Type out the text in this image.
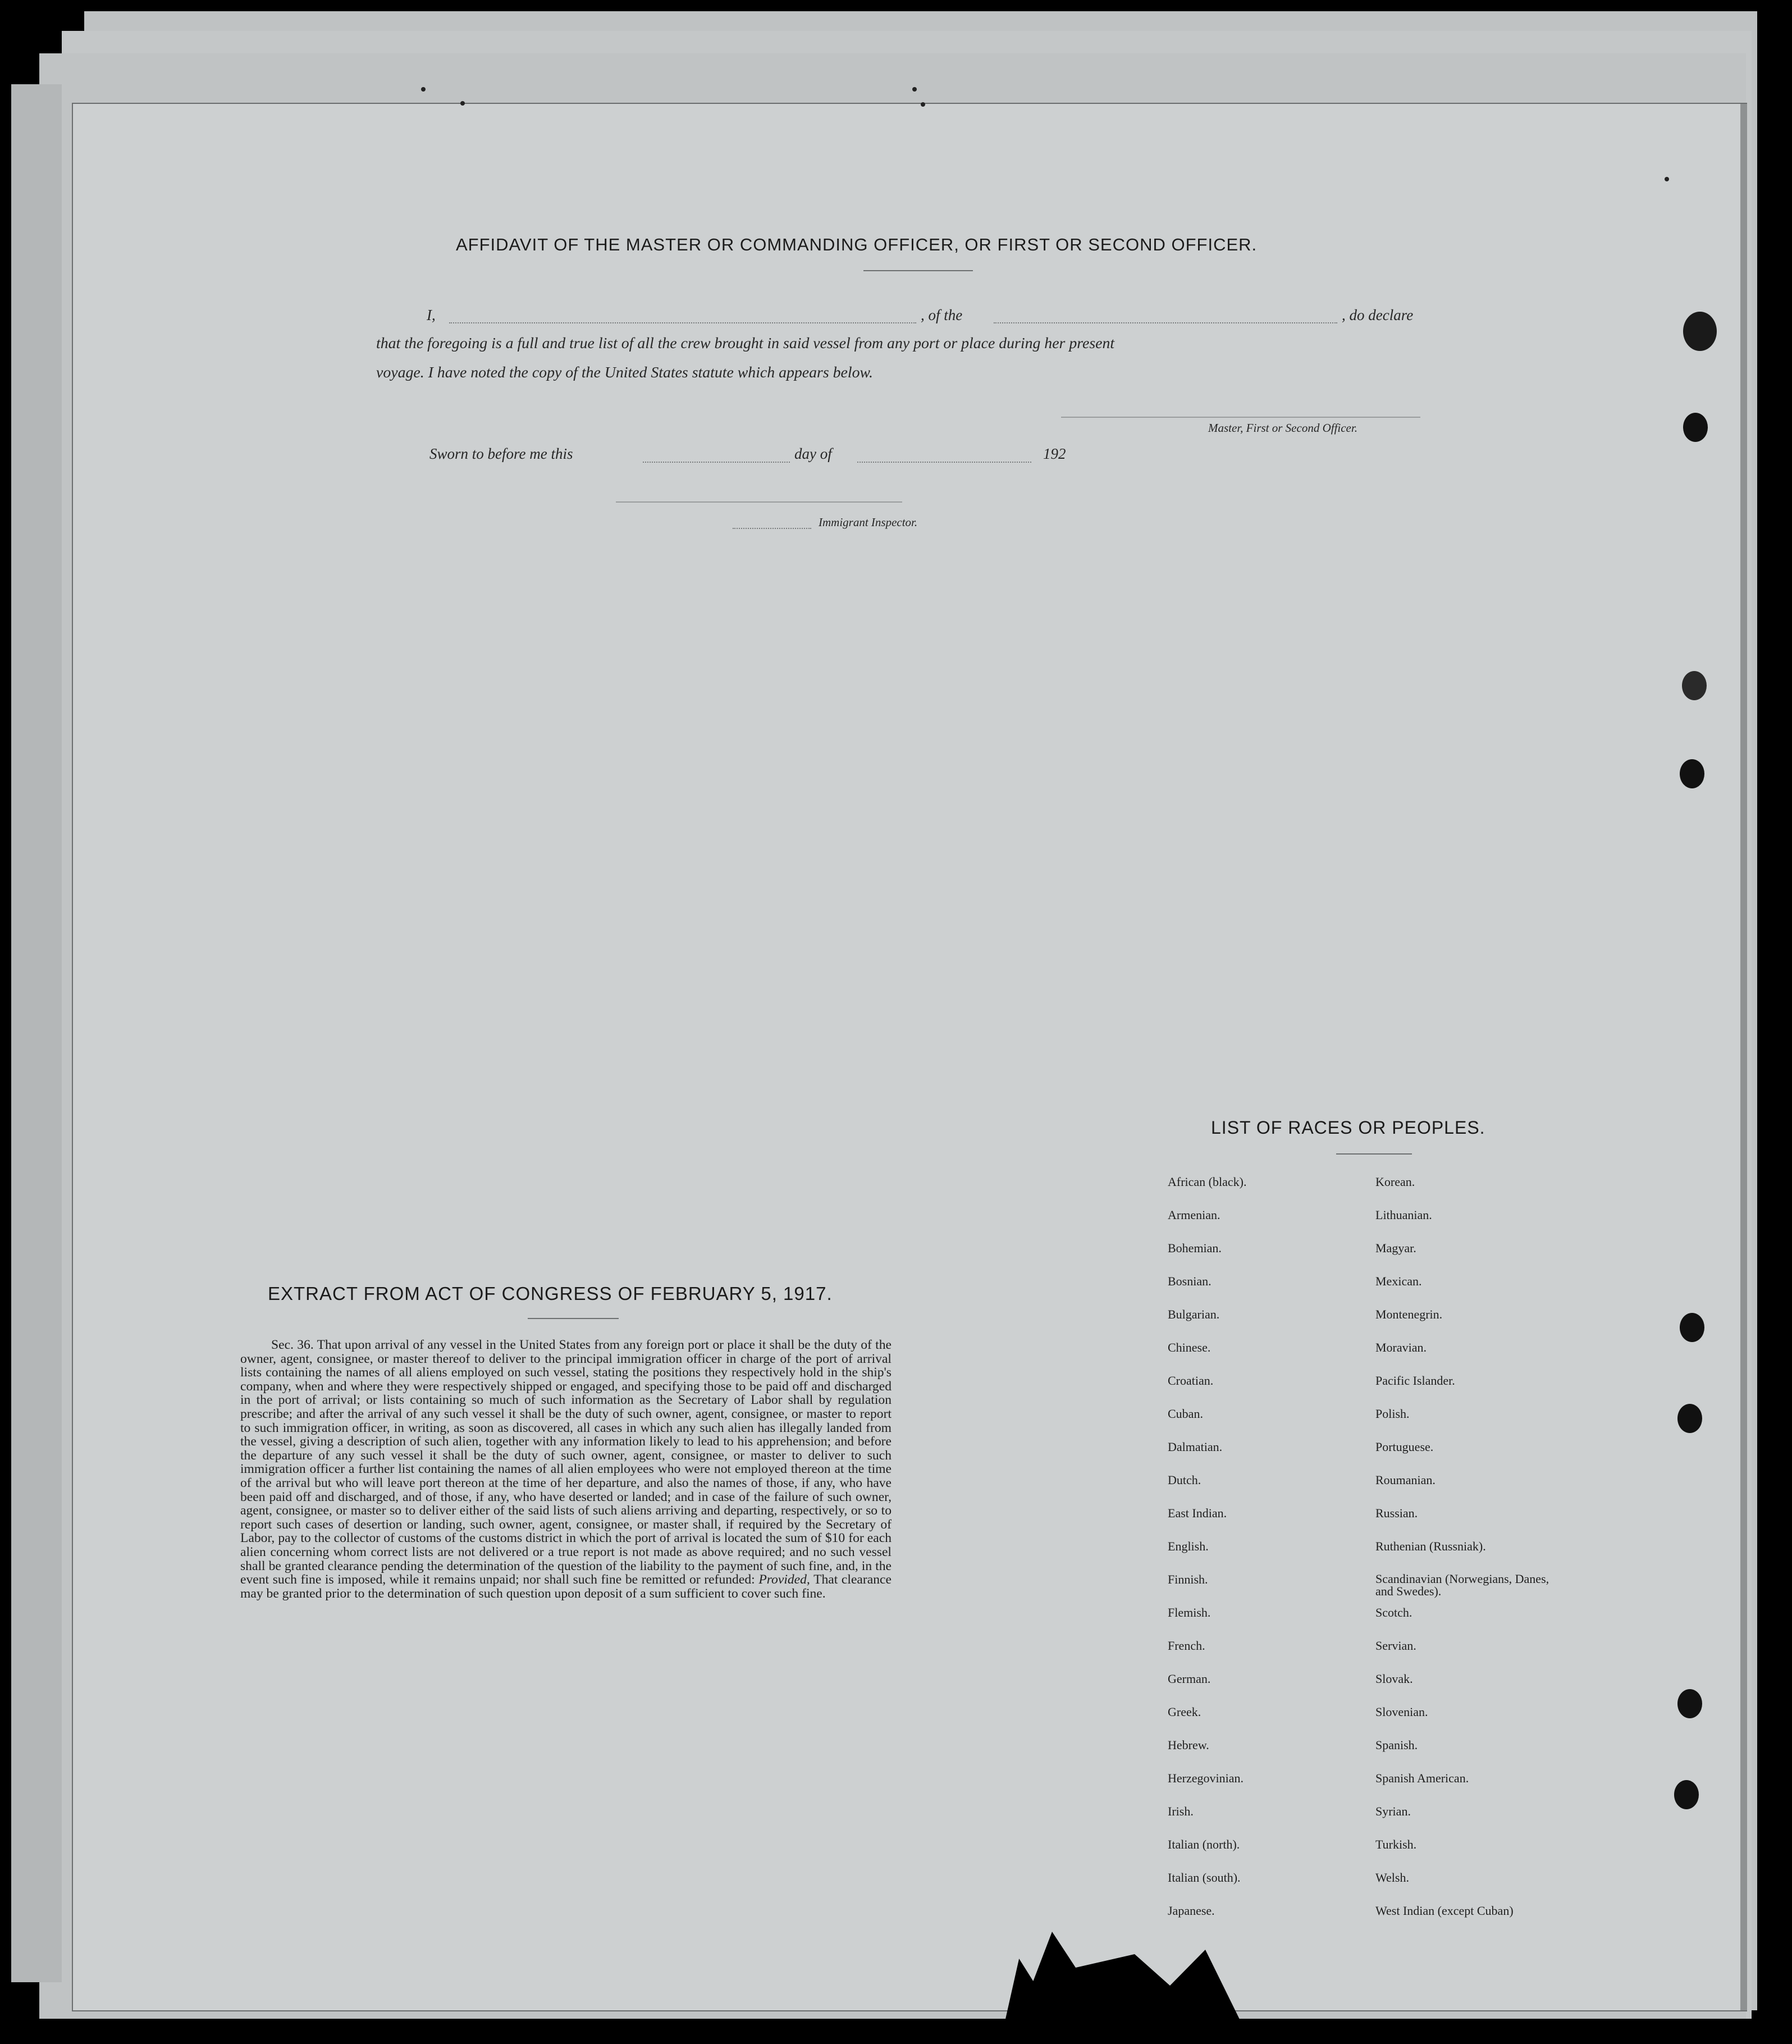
AFFIDAVIT OF THE MASTER OR COMMANDING OFFICER, OR FIRST OR SECOND OFFICER.
I,	, of the	, do declare
that the foregoing is a full and true list of all the crew brought in said vessel from any port or place during her present
voyage. I have noted the copy of the United States statute which appears below.
Master, First or Second Officer.
Sworn to before me this	day of	192
Immigrant Inspector.
LIST OF RACES OR PEOPLES.
African (black).	Korean.
Armenian.	Lithuanian.
Bohemian.	Magyar.
Bosnian.	Mexican.
Bulgarian.	Montenegrin.
Chinese.	Moravian.
Croatian.	Pacific Islander.
Cuban.	Polish.
Dalmatian.	Portuguese.
Dutch.	Roumanian.
East Indian.	Russian.
English.	Ruthenian (Russniak).
Finnish.	Scandinavian (Norwegians, Danes, and Swedes).
Flemish.	Scotch.
French.	Servian.
German.	Slovak.
Greek.	Slovenian.
Hebrew.	Spanish.
Herzegovinian.	Spanish American.
Irish.	Syrian.
Italian (north).	Turkish.
Italian (south).	Welsh.
Japanese.	West Indian (except Cuban)
EXTRACT FROM ACT OF CONGRESS OF FEBRUARY 5, 1917.
Sec. 36. That upon arrival of any vessel in the United States from any foreign port or place it shall be the duty of the owner, agent, consignee, or master thereof to deliver to the principal immigration officer in charge of the port of arrival lists containing the names of all aliens employed on such vessel, stating the positions they respectively hold in the ship's company, when and where they were respectively shipped or engaged, and specifying those to be paid off and discharged in the port of arrival; or lists containing so much of such information as the Secretary of Labor shall by regulation prescribe; and after the arrival of any such vessel it shall be the duty of such owner, agent, consignee, or master to report to such immigration officer, in writing, as soon as discovered, all cases in which any such alien has illegally landed from the vessel, giving a description of such alien, together with any information likely to lead to his apprehension; and before the departure of any such vessel it shall be the duty of such owner, agent, consignee, or master to deliver to such immigration officer a further list containing the names of all alien employees who were not employed thereon at the time of the arrival but who will leave port thereon at the time of her departure, and also the names of those, if any, who have been paid off and discharged, and of those, if any, who have deserted or landed; and in case of the failure of such owner, agent, consignee, or master so to deliver either of the said lists of such aliens arriving and departing, respectively, or so to report such cases of desertion or landing, such owner, agent, consignee, or master shall, if required by the Secretary of Labor, pay to the collector of customs of the customs district in which the port of arrival is located the sum of $10 for each alien concerning whom correct lists are not delivered or a true report is not made as above required; and no such vessel shall be granted clearance pending the determination of the question of the liability to the payment of such fine, and, in the event such fine is imposed, while it remains unpaid; nor shall such fine be remitted or refunded: Provided, That clearance may be granted prior to the determination of such question upon deposit of a sum sufficient to cover such fine.
